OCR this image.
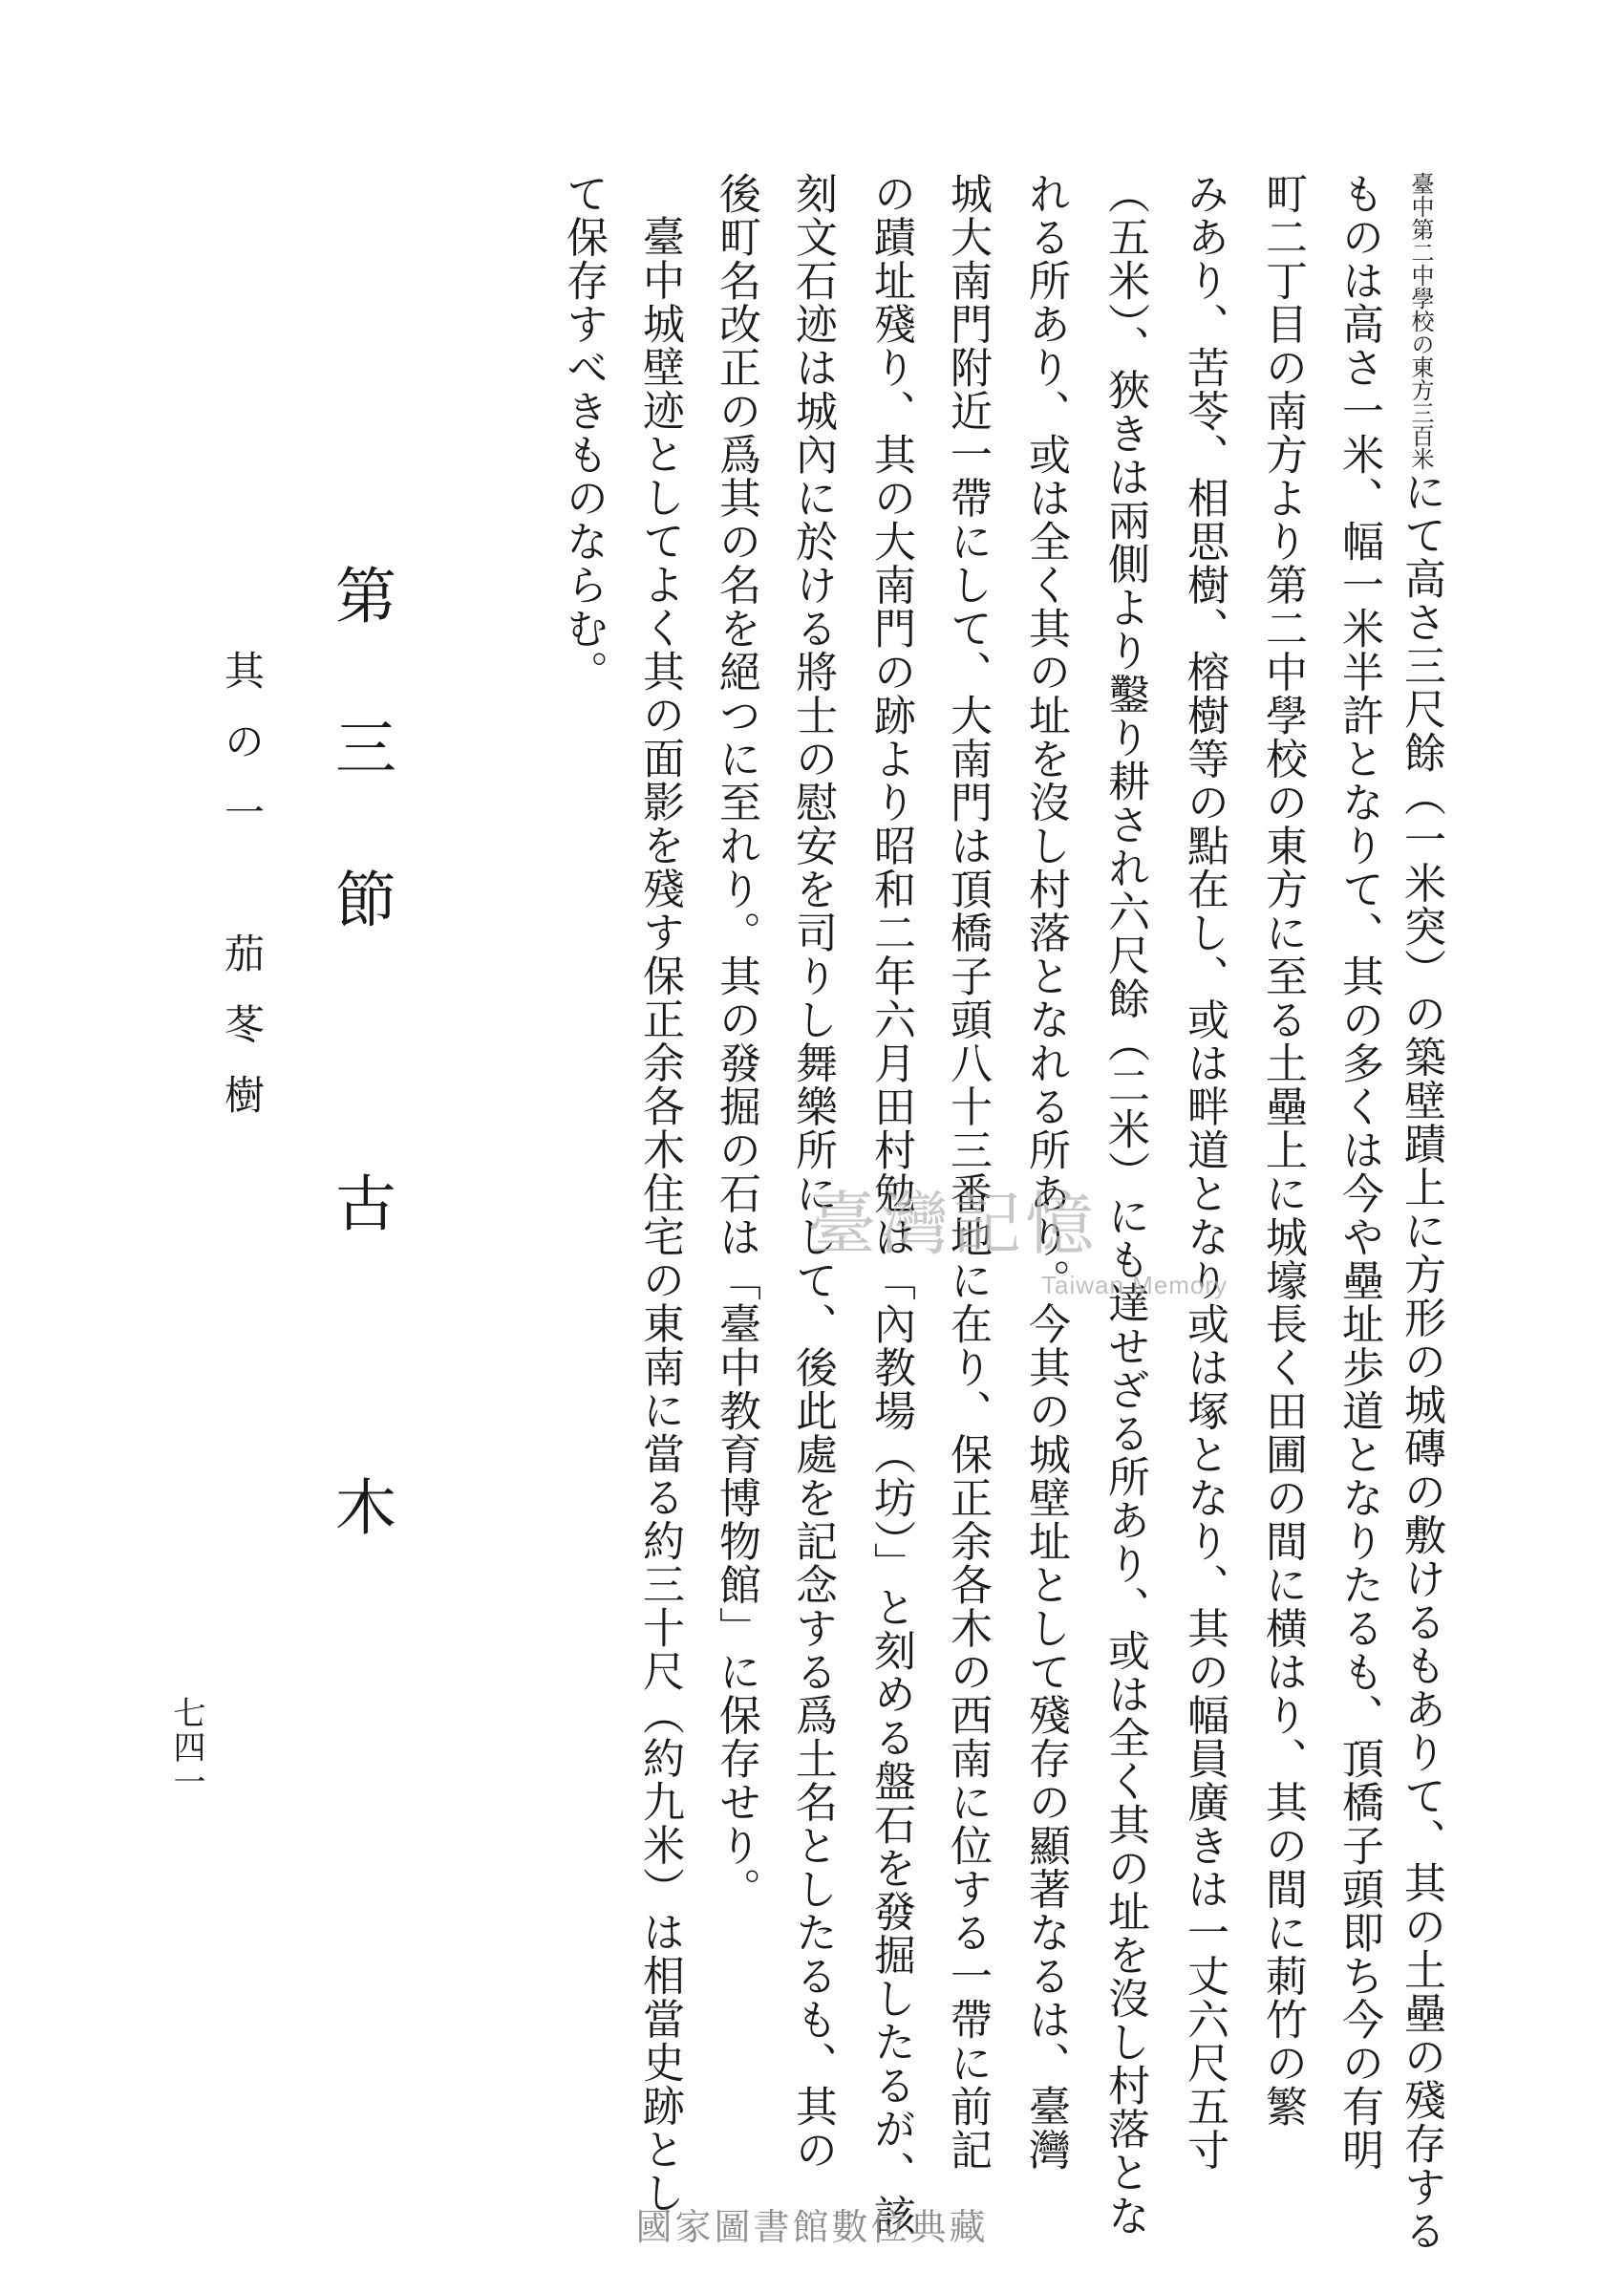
臺中第二中學校の東方三百米にて高さ三尺餘（一米突）の築壁蹟上に方形の城磚の敷けるもありて、其の土壘の殘存する
ものは高さ一米、幅一米半許となりて、其の多くは今や壘址歩道となりたるも、頂橋子頭即ち今の有明
町二丁目の南方より第二中學校の東方に至る土壘上に城壕長く田圃の間に横はり、其の間に莿竹の繁
みあり、苦苓、相思樹、榕樹等の點在し、或は畔道となり或は塚となり、其の幅員廣きは一丈六尺五寸
（五米）、狹きは兩側より鑿り耕され六尺餘（二米）にも達せざる所あり、或は全く其の址を沒し村落とな
れる所あり、或は全く其の址を沒し村落となれる所あり。今其の城壁址として殘存の顯著なるは、臺灣
城大南門附近一帶にして、大南門は頂橋子頭八十三番地に在り、保正余各木の西南に位する一帶に前記
の蹟址殘り、其の大南門の跡より昭和二年六月田村勉は「內教場（坊）」と刻める盤石を發掘したるが、該
刻文石迹は城內に於ける將士の慰安を司りし舞樂所にして、後此處を記念する爲土名としたるも、其の
後町名改正の爲其の名を絕つに至れり。其の發掘の石は「臺中教育博物館」に保存せり。
臺中城壁迹としてよく其の面影を殘す保正余各木住宅の東南に當る約三十尺（約九米）は相當史跡とし
て保存すべきものならむ。
第三節　古　木
其の一　茄苳樹
七四一
臺灣記憶
Taiwan Memory
國家圖書館數位典藏
